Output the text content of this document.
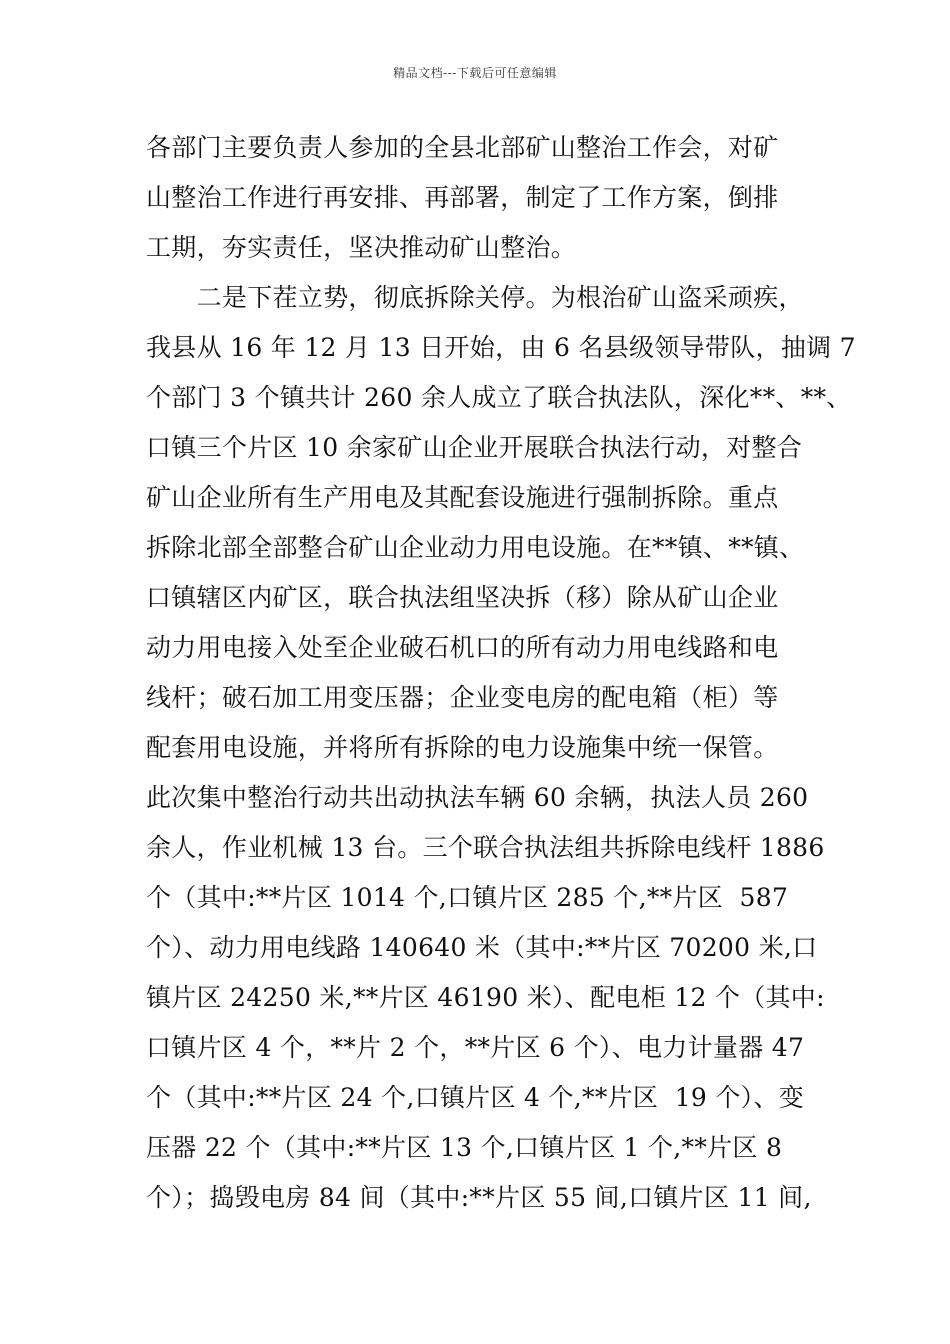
精品文档---下载后可任意编辑
各部门主要负责人参加的全县北部矿山整治工作会，对矿
山整治工作进行再安排、再部署，制定了工作方案，倒排
工期，夯实责任，坚决推动矿山整治。
　　二是下茬立势，彻底拆除关停。为根治矿山盗采顽疾，
我县从 16 年 12 月 13 日开始，由 6 名县级领导带队，抽调 7
个部门 3 个镇共计 260 余人成立了联合执法队，深化**、**、
口镇三个片区 10 余家矿山企业开展联合执法行动，对整合
矿山企业所有生产用电及其配套设施进行强制拆除。重点
拆除北部全部整合矿山企业动力用电设施。在**镇、**镇、
口镇辖区内矿区，联合执法组坚决拆（移）除从矿山企业
动力用电接入处至企业破石机口的所有动力用电线路和电
线杆；破石加工用变压器；企业变电房的配电箱（柜）等
配套用电设施，并将所有拆除的电力设施集中统一保管。
此次集中整治行动共出动执法车辆 60 余辆，执法人员 260
余人，作业机械 13 台。三个联合执法组共拆除电线杆 1886
个（其中:**片区 1014 个,口镇片区 285 个,**片区  587
个）、动力用电线路 140640 米（其中:**片区 70200 米,口
镇片区 24250 米,**片区 46190 米）、配电柜 12 个（其中:
口镇片区 4 个，**片 2 个，**片区 6 个）、电力计量器 47
个（其中:**片区 24 个,口镇片区 4 个,**片区  19 个）、变
压器 22 个（其中:**片区 13 个,口镇片区 1 个,**片区 8
个）；捣毁电房 84 间（其中:**片区 55 间,口镇片区 11 间,
